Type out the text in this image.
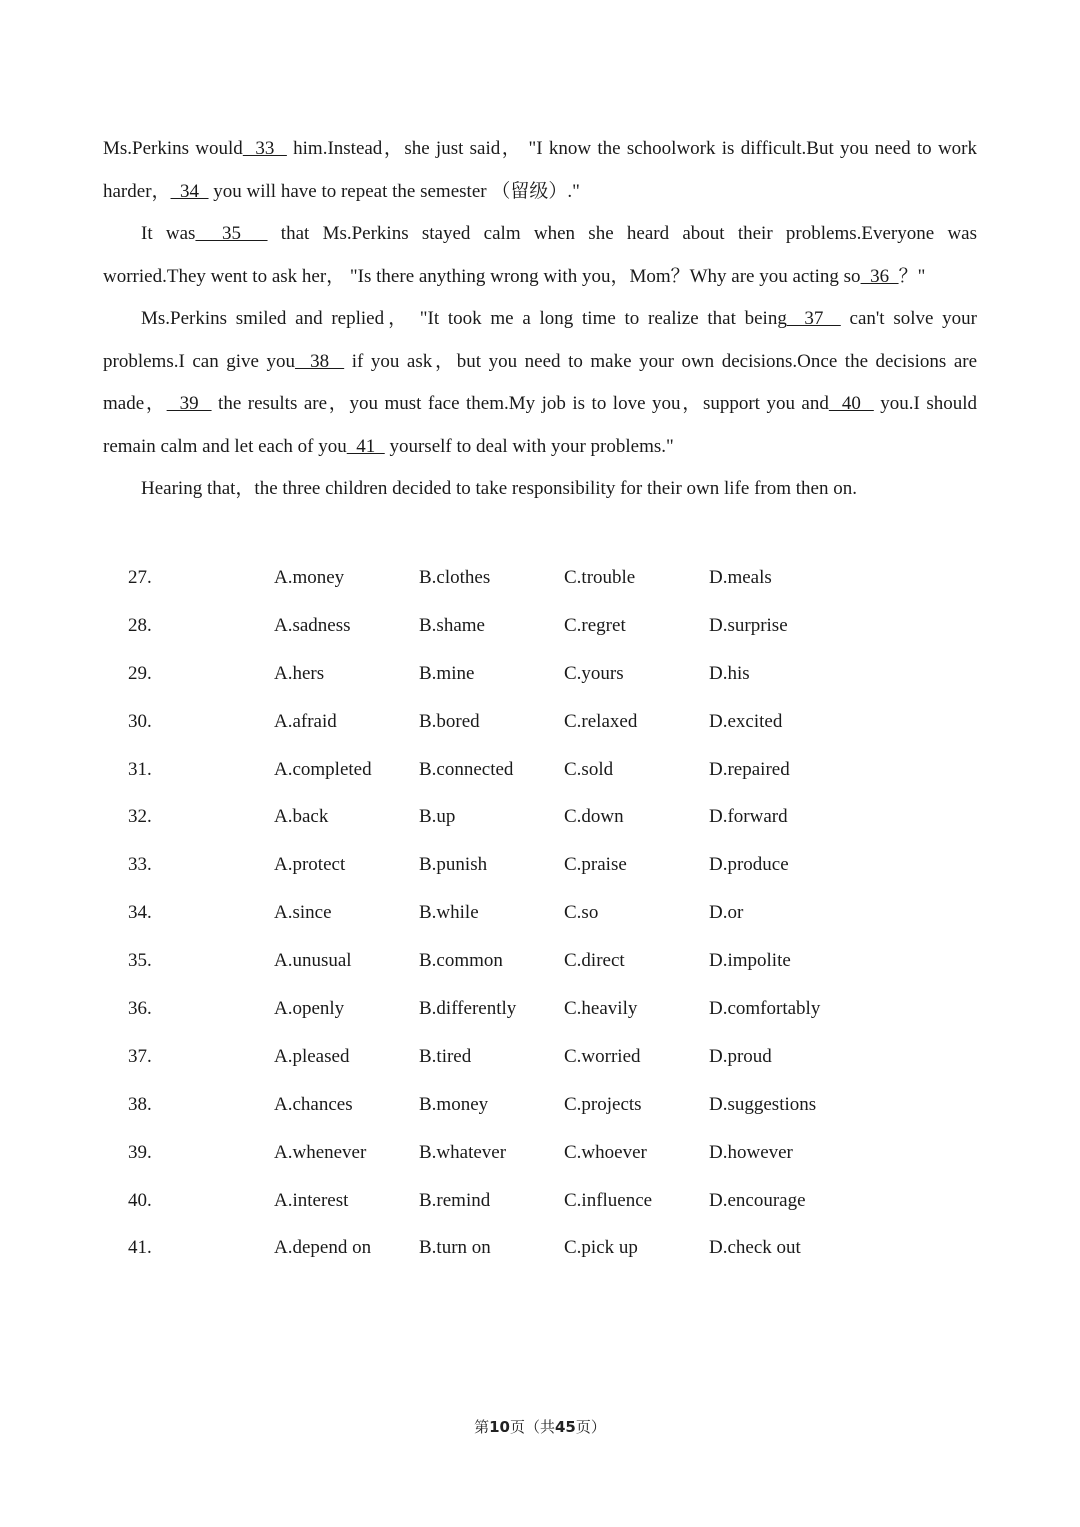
Ms.Perkins would  33   him.Instead，she just said， "I know the schoolwork is difficult.But you need to work
harder，  34   you will have to repeat the semester （留级）."
It was  35   that Ms.Perkins stayed calm when she heard about their problems.Everyone was
worried.They went to ask her， "Is there anything wrong with you，Mom？Why are you acting so  36  ？"
Ms.Perkins smiled and replied， "It took me a long time to realize that being  37   can't solve your
problems.I can give you  38   if you ask，but you need to make your own decisions.Once the decisions are
made，  39   the results are，you must face them.My job is to love you，support you and  40   you.I should
remain calm and let each of you  41   yourself to deal with your problems."
Hearing that，the three children decided to take responsibility for their own life from then on.
27.	A.money	B.clothes	C.trouble	D.meals
28.	A.sadness	B.shame	C.regret	D.surprise
29.	A.hers	B.mine	C.yours	D.his
30.	A.afraid	B.bored	C.relaxed	D.excited
31.	A.completed B.connected	C.sold	D.repaired
32.	A.back	B.up	C.down	D.forward
33.	A.protect	B.punish	C.praise	D.produce
34.	A.since	B.while	C.so	D.or
35.	A.unusual	B.common	C.direct	D.impolite
36.	A.openly	B.differently	C.heavily	D.comfortably
37.	A.pleased	B.tired	C.worried	D.proud
38.	A.chances	B.money	C.projects	D.suggestions
39.	A.whenever	B.whatever	C.whoever	D.however
40.	A.interest	B.remind	C.influence	D.encourage
41.	A.depend on	B.turn on	C.pick up	D.check out
第10页（共45页）
